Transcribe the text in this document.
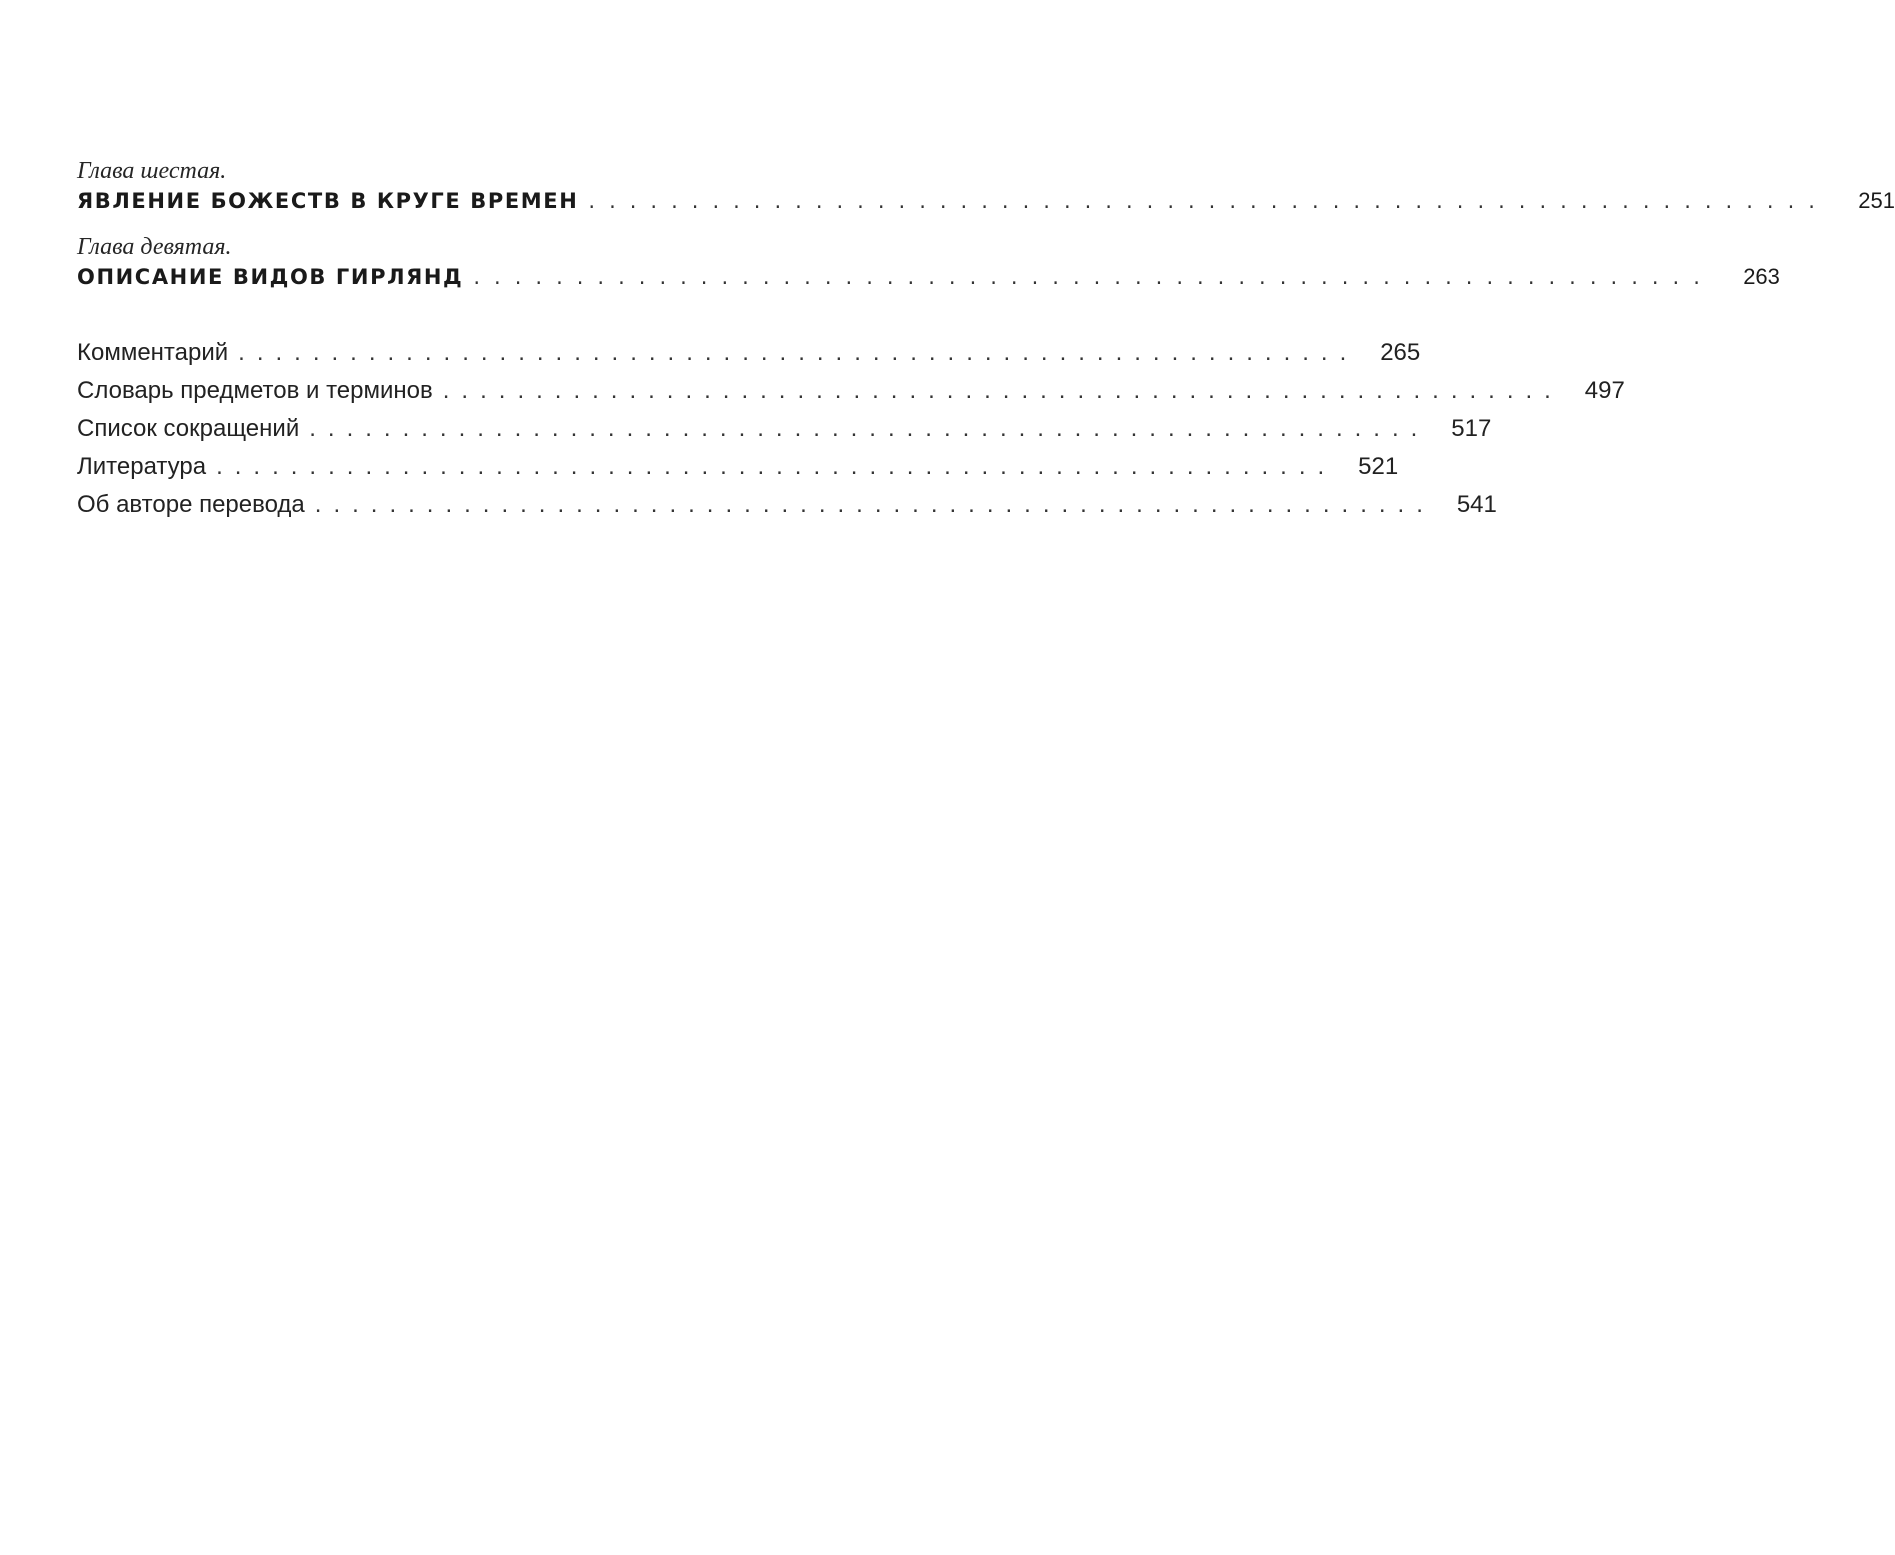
Глава шестая.
ЯВЛЕНИЕ БОЖЕСТВ В КРУГЕ ВРЕМЕН ............................................................	251
Глава девятая.
ОПИСАНИЕ ВИДОВ ГИРЛЯНД ............................................................	263
Комментарий ............................................................ 265
Словарь предметов и терминов ............................................................ 497
Список сокращений ............................................................ 517
Литература ............................................................ 521
Об авторе перевода ............................................................ 541
